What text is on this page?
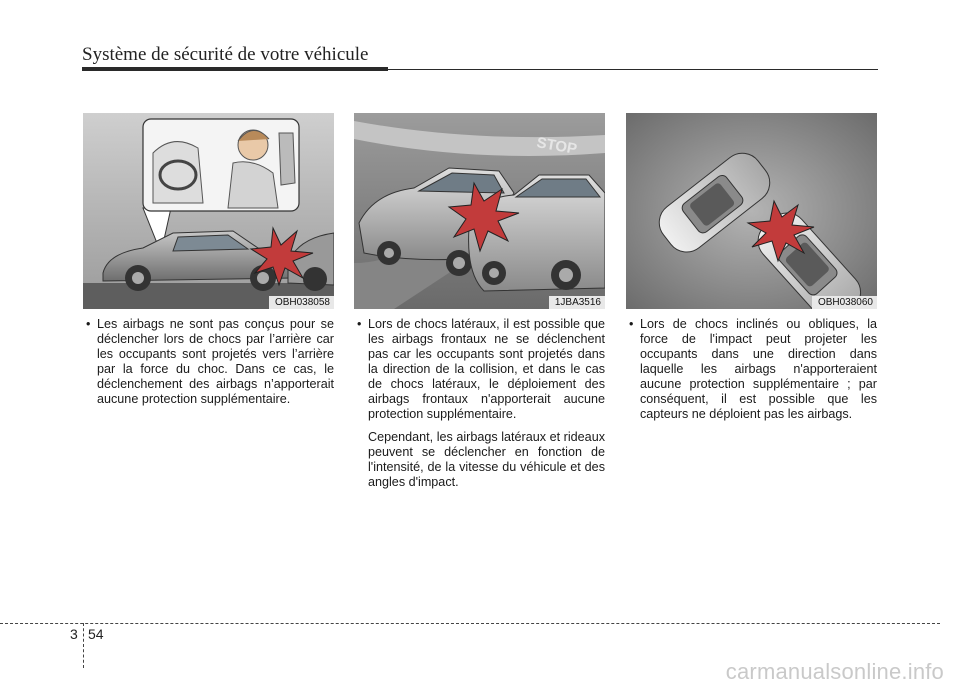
Système de sécurité de votre véhicule
OBH038058
STOP
1JBA3516	OBH038060

• Les airbags ne sont pas conçus pour se déclencher lors de chocs par l’arrière car les occupants sont projetés vers l’arrière par la force du choc. Dans ce cas, le déclenchement des airbags n’apporterait aucune protection supplémentaire.

• Lors de chocs latéraux, il est possible que les airbags frontaux ne se déclenchent pas car les occupants sont projetés dans la direction de la collision, et dans le cas de chocs latéraux, le déploiement des airbags frontaux n'apporterait aucune protection supplémentaire.

Cependant, les airbags latéraux et rideaux peuvent se déclencher en fonction de l'intensité, de la vitesse du véhicule et des angles d'impact.

• Lors de chocs inclinés ou obliques, la force de l'impact peut projeter les occupants dans une direction dans laquelle les airbags n'apporteraient aucune protection supplémentaire ; par conséquent, il est possible que les capteurs ne déploient pas les airbags.

3 54
carmanualsonline.info
